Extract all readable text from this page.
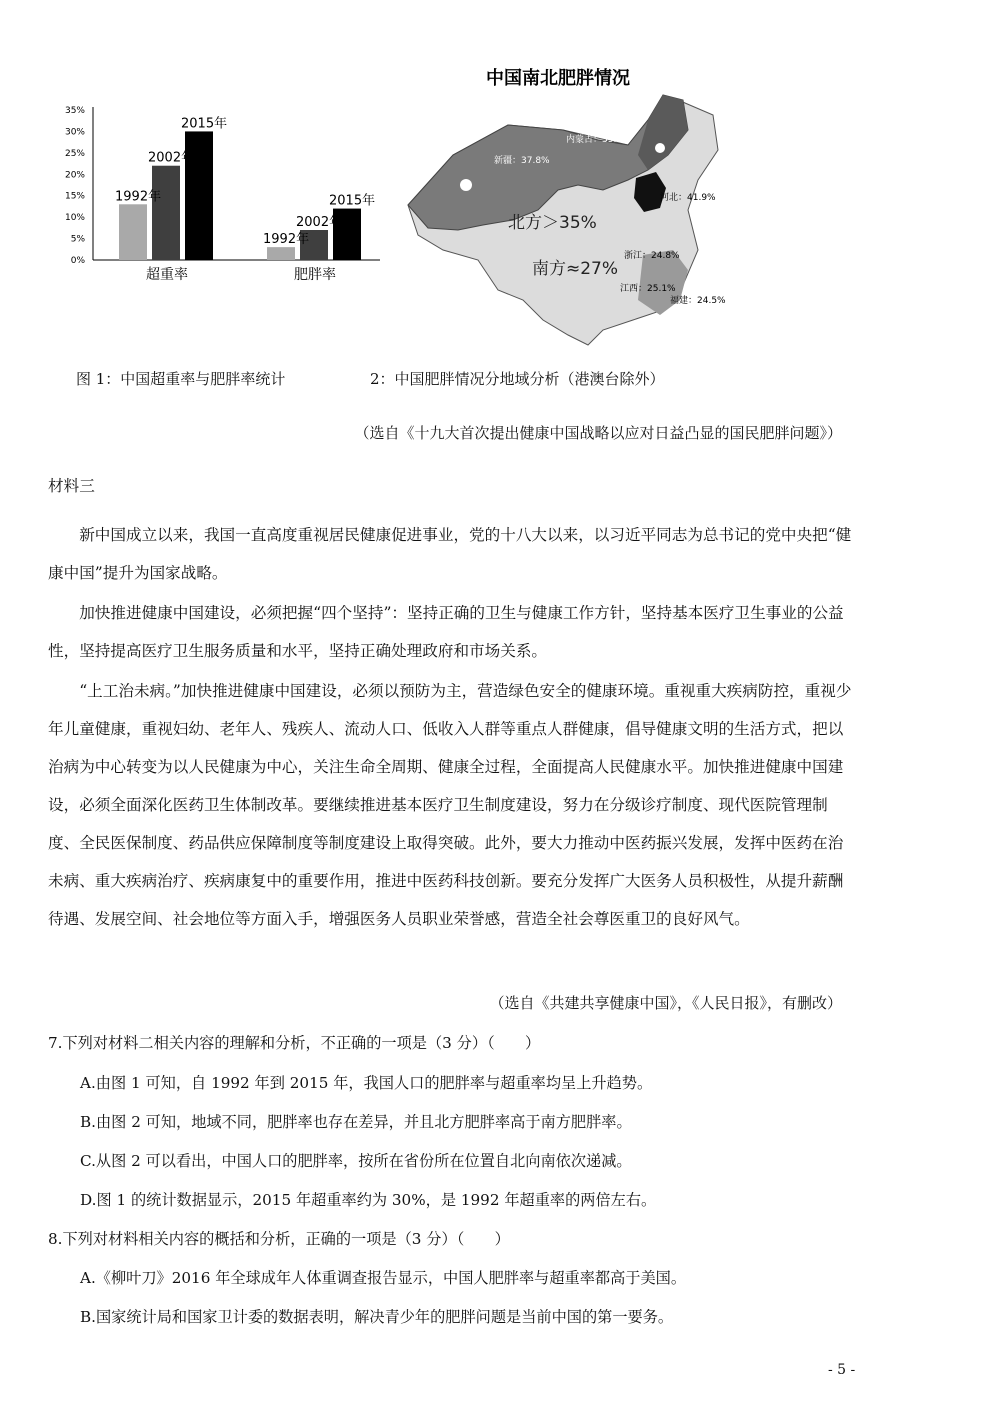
0%
5%
10%
15%
20%
25%
30%
35%
1992年
2002年
2015年
超重率
1992年
2002年
2015年
肥胖率
中国南北肥胖情况
内蒙古：39.6%
新疆：37.8%
河北：41.9%
北方＞35%
南方≈27%
浙江：24.8%
江西：25.1%
福建：24.5%
图 1：中国超重率与肥胖率统计	2：中国肥胖情况分地域分析（港澳台除外）
（选自《十九大首次提出健康中国战略以应对日益凸显的国民肥胖问题》）
材料三
新中国成立以来，我国一直高度重视居民健康促进事业，党的十八大以来，以习近平同志为总书记的党中央把“健康中国”提升为国家战略。
加快推进健康中国建设，必须把握“四个坚持”：坚持正确的卫生与健康工作方针，坚持基本医疗卫生事业的公益性，坚持提高医疗卫生服务质量和水平，坚持正确处理政府和市场关系。
“上工治未病。”加快推进健康中国建设，必须以预防为主，营造绿色安全的健康环境。重视重大疾病防控，重视少年儿童健康，重视妇幼、老年人、残疾人、流动人口、低收入人群等重点人群健康，倡导健康文明的生活方式，把以治病为中心转变为以人民健康为中心，关注生命全周期、健康全过程，全面提高人民健康水平。加快推进健康中国建设，必须全面深化医药卫生体制改革。要继续推进基本医疗卫生制度建设，努力在分级诊疗制度、现代医院管理制度、全民医保制度、药品供应保障制度等制度建设上取得突破。此外，要大力推动中医药振兴发展，发挥中医药在治未病、重大疾病治疗、疾病康复中的重要作用，推进中医药科技创新。要充分发挥广大医务人员积极性，从提升薪酬待遇、发展空间、社会地位等方面入手，增强医务人员职业荣誉感，营造全社会尊医重卫的良好风气。
（选自《共建共享健康中国》，《人民日报》，有删改）
7.下列对材料二相关内容的理解和分析，不正确的一项是（3 分）（　　）
A.由图 1 可知，自 1992 年到 2015 年，我国人口的肥胖率与超重率均呈上升趋势。
B.由图 2 可知，地域不同，肥胖率也存在差异，并且北方肥胖率高于南方肥胖率。
C.从图 2 可以看出，中国人口的肥胖率，按所在省份所在位置自北向南依次递减。
D.图 1 的统计数据显示，2015 年超重率约为 30%，是 1992 年超重率的两倍左右。
8.下列对材料相关内容的概括和分析，正确的一项是（3 分）（　　）
A.《柳叶刀》2016 年全球成年人体重调查报告显示，中国人肥胖率与超重率都高于美国。
B.国家统计局和国家卫计委的数据表明，解决青少年的肥胖问题是当前中国的第一要务。
- 5 -
